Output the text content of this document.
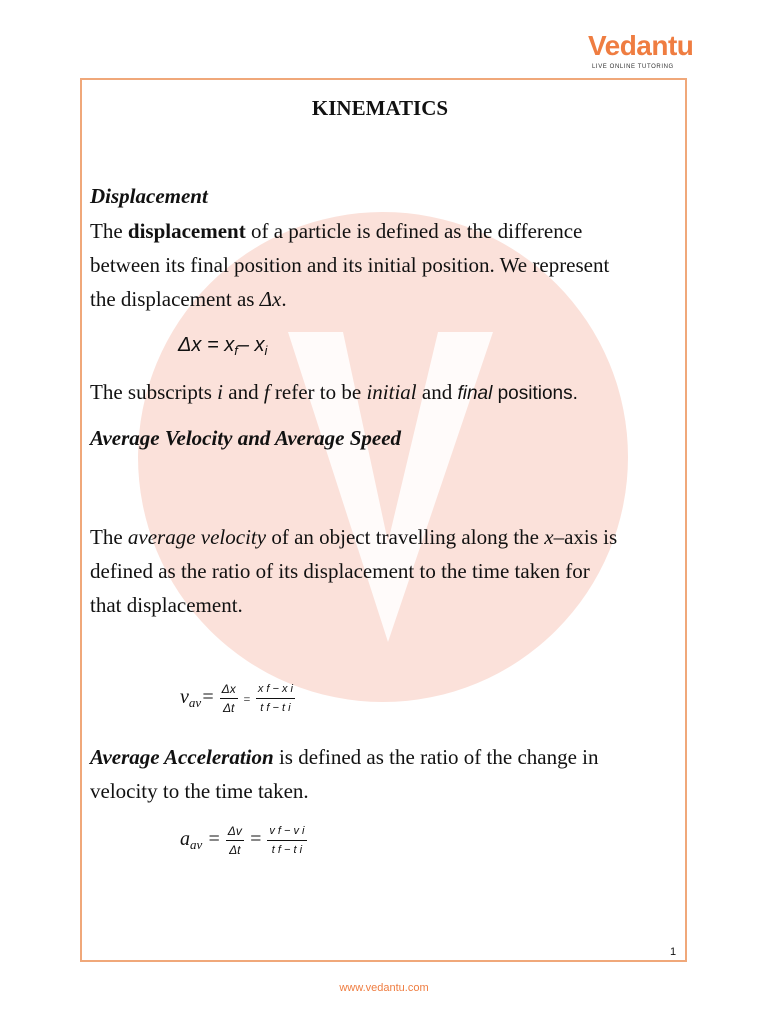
Vedantu
LIVE ONLINE TUTORING
KINEMATICS
Displacement
The displacement of a particle is defined as the difference
between its final position and its initial position. We represent
the displacement as Δx.
$\Delta x = x_f-$ $x_i$
The subscripts i and f refer to be initial and final positions.
Average Velocity and Average Speed
The average velocity of an object travelling along the x–axis is
defined as the ratio of its displacement to the time taken for
that displacement.
$v_{av}= \frac{\Delta x}{\Delta t} = \frac{\text{x f − x i}}{\text{t f − t i}}$
Average Acceleration is defined as the ratio of the change in
velocity to the time taken.
$a_{av} = \frac{\Delta v}{\Delta t} = \frac{\text{v f − v i}}{\text{t f − t i}}$
1
www.vedantu.com
